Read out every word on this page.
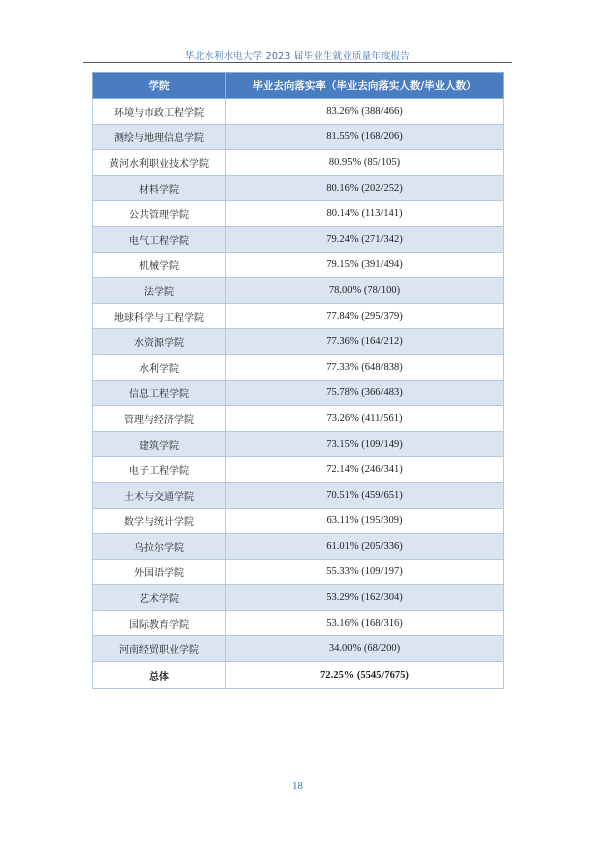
华北水利水电大学 2023 届毕业生就业质量年度报告
学院	毕业去向落实率（毕业去向落实人数/毕业人数）
环境与市政工程学院	83.26% (388/466)
测绘与地理信息学院	81.55% (168/206)
黄河水利职业技术学院	80.95% (85/105)
材料学院	80.16% (202/252)
公共管理学院	80.14% (113/141)
电气工程学院	79.24% (271/342)
机械学院	79.15% (391/494)
法学院	78.00% (78/100)
地球科学与工程学院	77.84% (295/379)
水资源学院	77.36% (164/212)
水利学院	77.33% (648/838)
信息工程学院	75.78% (366/483)
管理与经济学院	73.26% (411/561)
建筑学院	73.15% (109/149)
电子工程学院	72.14% (246/341)
土木与交通学院	70.51% (459/651)
数学与统计学院	63.11% (195/309)
乌拉尔学院	61.01% (205/336)
外国语学院	55.33% (109/197)
艺术学院	53.29% (162/304)
国际教育学院	53.16% (168/316)
河南经贸职业学院	34.00% (68/200)
总体	72.25% (5545/7675)
18
